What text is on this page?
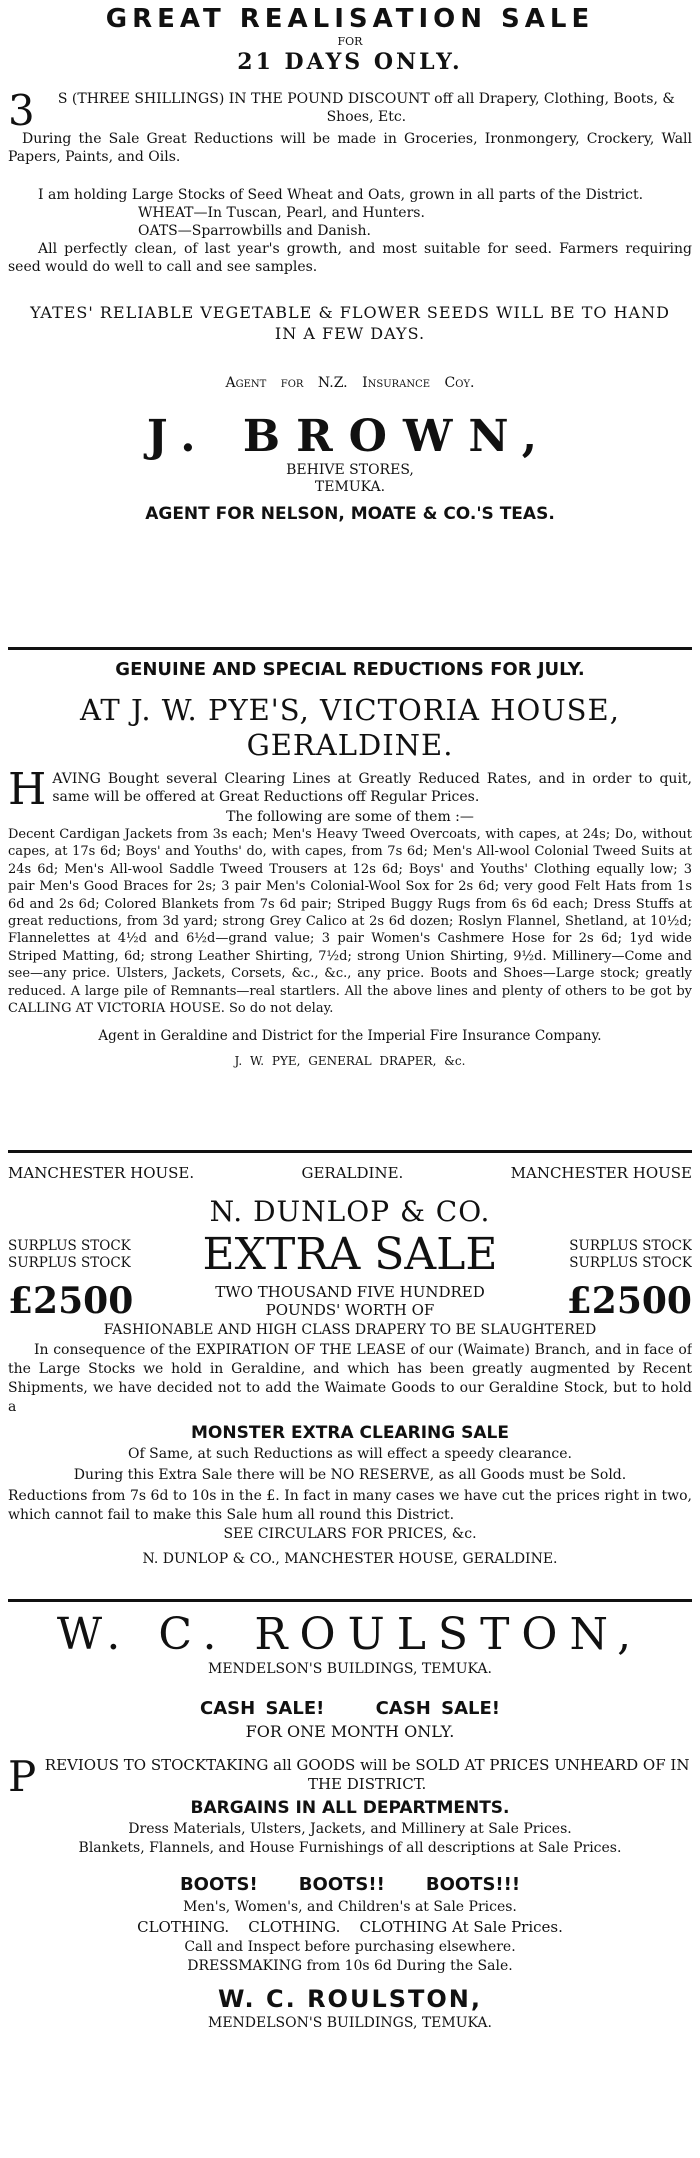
GREAT REALISATION SALE

FOR

21 DAYS ONLY.

3	S (THREE SHILLINGS) IN THE POUND DISCOUNT off all Drapery, Clothing, Boots, & Shoes, Etc.

During the Sale Great Reductions will be made in Groceries, Ironmongery, Crockery, Wall Papers, Paints, and Oils.

I am holding Large Stocks of Seed Wheat and Oats, grown in all parts of the District.

WHEAT—In Tuscan, Pearl, and Hunters.

OATS—Sparrowbills and Danish.

All perfectly clean, of last year's growth, and most suitable for seed. Farmers requiring seed would do well to call and see samples.

YATES' RELIABLE VEGETABLE & FLOWER SEEDS WILL BE TO HAND IN A FEW DAYS.

Agent for N.Z. Insurance Coy.

J. BROWN,

BEHIVE STORES,

TEMUKA.

AGENT FOR NELSON, MOATE & CO.'S TEAS.

GENUINE AND SPECIAL REDUCTIONS FOR JULY.

AT J. W. PYE'S, VICTORIA HOUSE,

GERALDINE.

H AVING Bought several Clearing Lines at Greatly Reduced Rates, and in order to quit, same will be offered at Great Reductions off Regular Prices.

The following are some of them :—

Decent Cardigan Jackets from 3s each; Men's Heavy Tweed Overcoats, with capes, at 24s; Do, without capes, at 17s 6d; Boys' and Youths' do, with capes, from 7s 6d; Men's All-wool Colonial Tweed Suits at 24s 6d; Men's All-wool Saddle Tweed Trousers at 12s 6d; Boys' and Youths' Clothing equally low; 3 pair Men's Good Braces for 2s; 3 pair Men's Colonial-Wool Sox for 2s 6d; very good Felt Hats from 1s 6d and 2s 6d; Colored Blankets from 7s 6d pair; Striped Buggy Rugs from 6s 6d each; Dress Stuffs at great reductions, from 3d yard; strong Grey Calico at 2s 6d dozen; Roslyn Flannel, Shetland, at 10½d; Flannelettes at 4½d and 6½d—grand value; 3 pair Women's Cashmere Hose for 2s 6d; 1yd wide Striped Matting, 6d; strong Leather Shirting, 7½d; strong Union Shirting, 9½d. Millinery—Come and see—any price. Ulsters, Jackets, Corsets, &c., &c., any price. Boots and Shoes—Large stock; greatly reduced. A large pile of Remnants—real startlers. All the above lines and plenty of others to be got by CALLING AT VICTORIA HOUSE. So do not delay.

Agent in Geraldine and District for the Imperial Fire Insurance Company.

J. W. PYE, GENERAL DRAPER, &c.

MANCHESTER HOUSE.	GERALDINE.	MANCHESTER HOUSE

N. DUNLOP & CO.

SURPLUS STOCK

SURPLUS STOCK EXTRA SALE	SURPLUS STOCK

SURPLUS STOCK

£2500	TWO THOUSAND FIVE HUNDRED

POUNDS' WORTH OF	£2500

FASHIONABLE AND HIGH CLASS DRAPERY TO BE SLAUGHTERED

In consequence of the EXPIRATION OF THE LEASE of our (Waimate) Branch, and in face of the Large Stocks we hold in Geraldine, and which has been greatly augmented by Recent Shipments, we have decided not to add the Waimate Goods to our Geraldine Stock, but to hold a

MONSTER EXTRA CLEARING SALE

Of Same, at such Reductions as will effect a speedy clearance.

During this Extra Sale there will be NO RESERVE, as all Goods must be Sold.

Reductions from 7s 6d to 10s in the £. In fact in many cases we have cut the prices right in two, which cannot fail to make this Sale hum all round this District.

SEE CIRCULARS FOR PRICES, &c.

N. DUNLOP & CO., MANCHESTER HOUSE, GERALDINE.

W. C. ROULSTON,

MENDELSON'S BUILDINGS, TEMUKA.

CASH SALE!	CASH SALE!

FOR ONE MONTH ONLY.

P REVIOUS TO STOCKTAKING all GOODS will be SOLD AT PRICES UNHEARD OF IN THE DISTRICT.

BARGAINS IN ALL DEPARTMENTS.

Dress Materials, Ulsters, Jackets, and Millinery at Sale Prices.

Blankets, Flannels, and House Furnishings of all descriptions at Sale Prices.

BOOTS! BOOTS!! BOOTS!!!

Men's, Women's, and Children's at Sale Prices.

CLOTHING. CLOTHING. CLOTHING At Sale Prices.

Call and Inspect before purchasing elsewhere.

DRESSMAKING from 10s 6d During the Sale.

W. C. ROULSTON,

MENDELSON'S BUILDINGS, TEMUKA.
